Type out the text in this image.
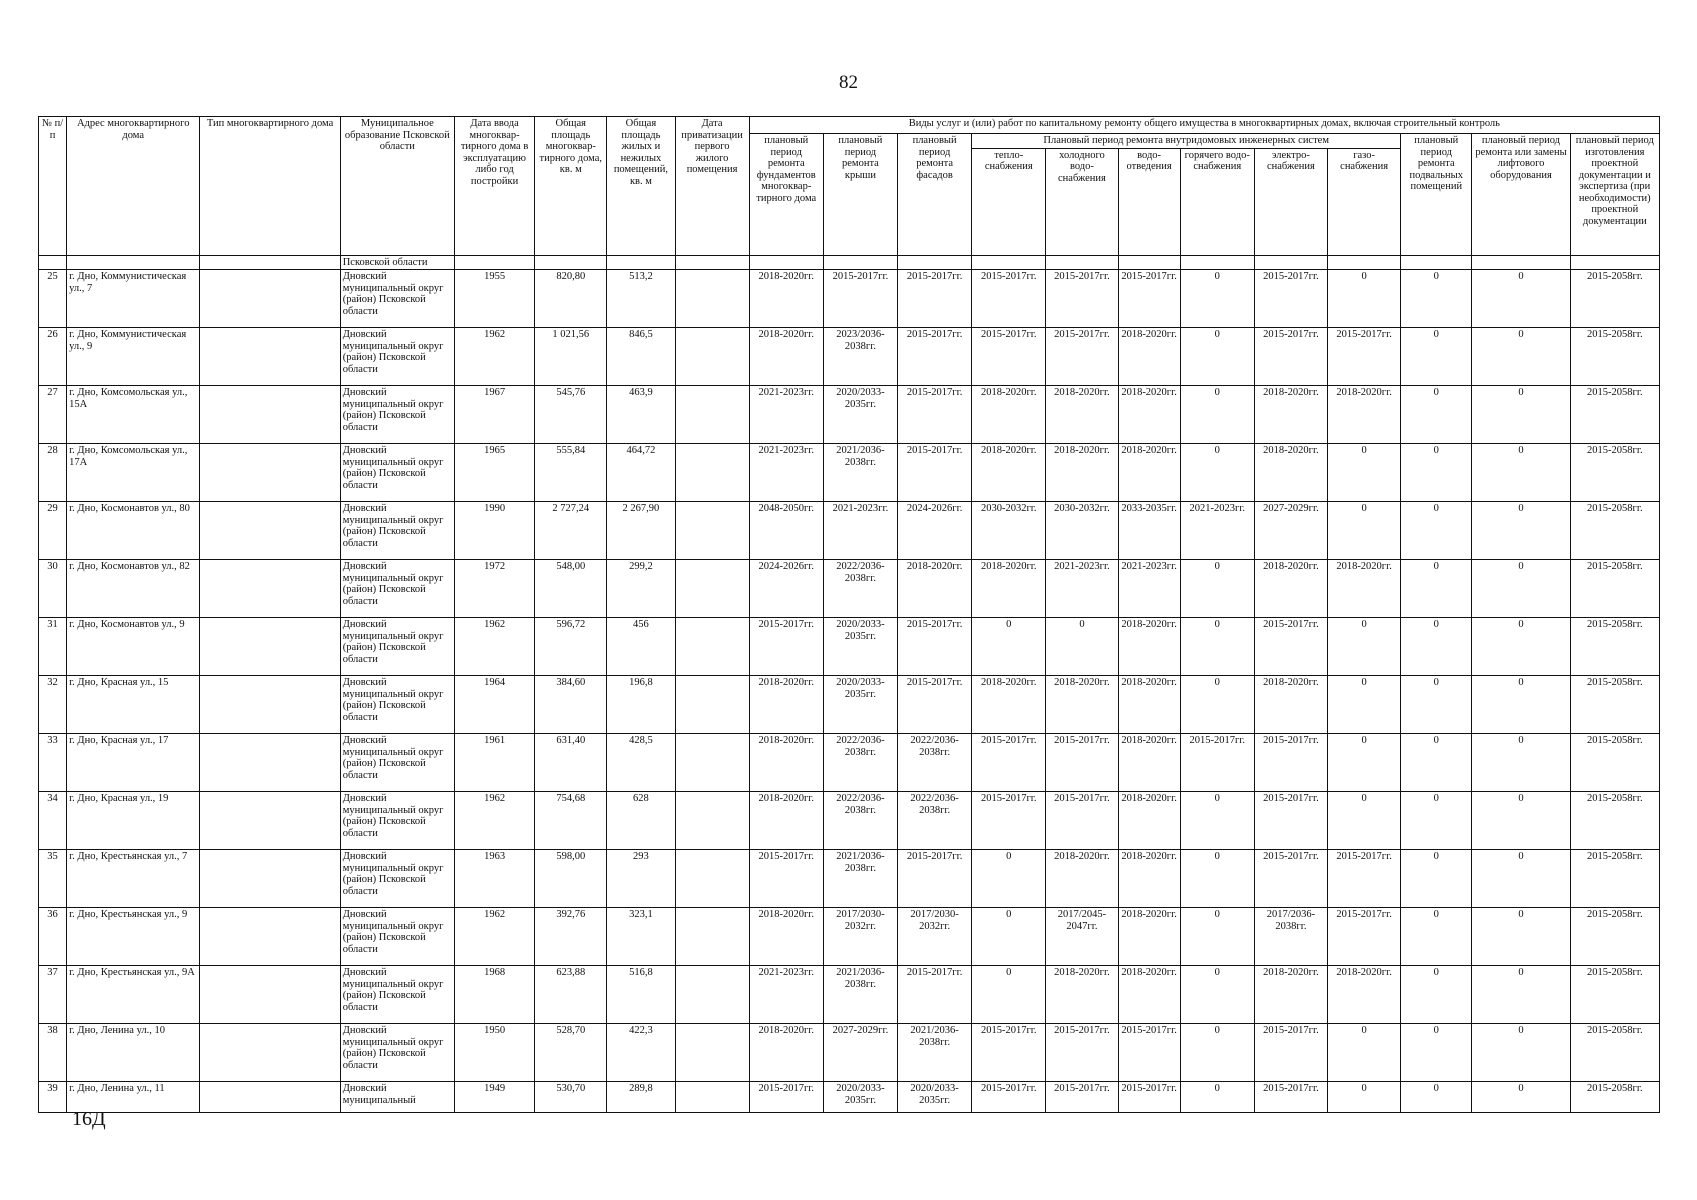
82
№ п/п	Адрес многоквартирного дома	Тип многоквартирного дома	Муниципальное образование Псковской области	Дата ввода многоквар-тирного дома в эксплуатацию либо год постройки	Общая площадь многоквар-тирного дома, кв. м	Общая площадь жилых и нежилых помещений, кв. м	Дата приватизации первого жилого помещения	Виды услуг и (или) работ по капитальному ремонту общего имущества в многоквартирных домах, включая строительный контроль											
								плановый период ремонта фундаментов многоквар-тирного дома	плановый период ремонта крыши	плановый период ремонта фасадов	Плановый период ремонта внутридомовых инженерных систем						плановый период ремонта подвальных помещений	плановый период ремонта или замены лифтового оборудования	плановый период изготовления проектной документации и экспертиза (при необходимости) проектной документации
											тепло-снабжения	холодного водо-снабжения	водо-отведения	горячего водо-снабжения	электро-снабжения	газо-снабжения			
			Псковской области																
25	г. Дно, Коммунистическая ул., 7		Дновский муниципальный округ (район) Псковской области	1955	820,80	513,2		2018-2020гг.	2015-2017гг.	2015-2017гг.	2015-2017гг.	2015-2017гг.	2015-2017гг.	0	2015-2017гг.	0	0	0	2015-2058гг.
26	г. Дно, Коммунистическая ул., 9		Дновский муниципальный округ (район) Псковской области	1962	1 021,56	846,5		2018-2020гг.	2023/2036-2038гг.	2015-2017гг.	2015-2017гг.	2015-2017гг.	2018-2020гг.	0	2015-2017гг.	2015-2017гг.	0	0	2015-2058гг.
27	г. Дно, Комсомольская ул., 15А		Дновский муниципальный округ (район) Псковской области	1967	545,76	463,9		2021-2023гг.	2020/2033-2035гг.	2015-2017гг.	2018-2020гг.	2018-2020гг.	2018-2020гг.	0	2018-2020гг.	2018-2020гг.	0	0	2015-2058гг.
28	г. Дно, Комсомольская ул., 17А		Дновский муниципальный округ (район) Псковской области	1965	555,84	464,72		2021-2023гг.	2021/2036-2038гг.	2015-2017гг.	2018-2020гг.	2018-2020гг.	2018-2020гг.	0	2018-2020гг.	0	0	0	2015-2058гг.
29	г. Дно, Космонавтов ул., 80		Дновский муниципальный округ (район) Псковской области	1990	2 727,24	2 267,90		2048-2050гг.	2021-2023гг.	2024-2026гг.	2030-2032гг.	2030-2032гг.	2033-2035гг.	2021-2023гг.	2027-2029гг.	0	0	0	2015-2058гг.
30	г. Дно, Космонавтов ул., 82		Дновский муниципальный округ (район) Псковской области	1972	548,00	299,2		2024-2026гг.	2022/2036-2038гг.	2018-2020гг.	2018-2020гг.	2021-2023гг.	2021-2023гг.	0	2018-2020гг.	2018-2020гг.	0	0	2015-2058гг.
31	г. Дно, Космонавтов ул., 9		Дновский муниципальный округ (район) Псковской области	1962	596,72	456		2015-2017гг.	2020/2033-2035гг.	2015-2017гг.	0	0	2018-2020гг.	0	2015-2017гг.	0	0	0	2015-2058гг.
32	г. Дно, Красная ул., 15		Дновский муниципальный округ (район) Псковской области	1964	384,60	196,8		2018-2020гг.	2020/2033-2035гг.	2015-2017гг.	2018-2020гг.	2018-2020гг.	2018-2020гг.	0	2018-2020гг.	0	0	0	2015-2058гг.
33	г. Дно, Красная ул., 17		Дновский муниципальный округ (район) Псковской области	1961	631,40	428,5		2018-2020гг.	2022/2036-2038гг.	2022/2036-2038гг.	2015-2017гг.	2015-2017гг.	2018-2020гг.	2015-2017гг.	2015-2017гг.	0	0	0	2015-2058гг.
34	г. Дно, Красная ул., 19		Дновский муниципальный округ (район) Псковской области	1962	754,68	628		2018-2020гг.	2022/2036-2038гг.	2022/2036-2038гг.	2015-2017гг.	2015-2017гг.	2018-2020гг.	0	2015-2017гг.	0	0	0	2015-2058гг.
35	г. Дно, Крестьянская ул., 7		Дновский муниципальный округ (район) Псковской области	1963	598,00	293		2015-2017гг.	2021/2036-2038гг.	2015-2017гг.	0	2018-2020гг.	2018-2020гг.	0	2015-2017гг.	2015-2017гг.	0	0	2015-2058гг.
36	г. Дно, Крестьянская ул., 9		Дновский муниципальный округ (район) Псковской области	1962	392,76	323,1		2018-2020гг.	2017/2030-2032гг.	2017/2030-2032гг.	0	2017/2045-2047гг.	2018-2020гг.	0	2017/2036-2038гг.	2015-2017гг.	0	0	2015-2058гг.
37	г. Дно, Крестьянская ул., 9А		Дновский муниципальный округ (район) Псковской области	1968	623,88	516,8		2021-2023гг.	2021/2036-2038гг.	2015-2017гг.	0	2018-2020гг.	2018-2020гг.	0	2018-2020гг.	2018-2020гг.	0	0	2015-2058гг.
38	г. Дно, Ленина ул., 10		Дновский муниципальный округ (район) Псковской области	1950	528,70	422,3		2018-2020гг.	2027-2029гг.	2021/2036-2038гг.	2015-2017гг.	2015-2017гг.	2015-2017гг.	0	2015-2017гг.	0	0	0	2015-2058гг.
39	г. Дно, Ленина ул., 11		Дновский муниципальный	1949	530,70	289,8		2015-2017гг.	2020/2033-2035гг.	2020/2033-2035гг.	2015-2017гг.	2015-2017гг.	2015-2017гг.	0	2015-2017гг.	0	0	0	2015-2058гг.
16Д
